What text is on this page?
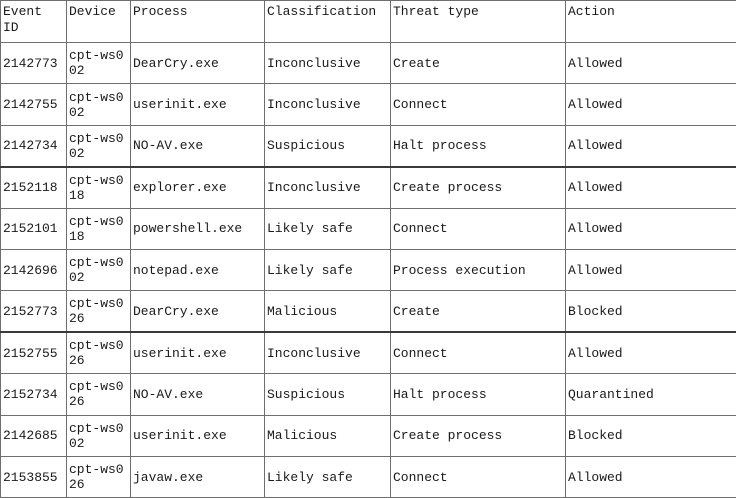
Event ID	Device	Process	Classification	Threat type	Action
2142773	cpt-ws002	DearCry.exe	Inconclusive	Create	Allowed
2142755	cpt-ws002	userinit.exe	Inconclusive	Connect	Allowed
2142734	cpt-ws002	NO-AV.exe	Suspicious	Halt process	Allowed
2152118	cpt-ws018	explorer.exe	Inconclusive	Create process	Allowed
2152101	cpt-ws018	powershell.exe	Likely safe	Connect	Allowed
2142696	cpt-ws002	notepad.exe	Likely safe	Process execution	Allowed
2152773	cpt-ws026	DearCry.exe	Malicious	Create	Blocked
2152755	cpt-ws026	userinit.exe	Inconclusive	Connect	Allowed
2152734	cpt-ws026	NO-AV.exe	Suspicious	Halt process	Quarantined
2142685	cpt-ws002	userinit.exe	Malicious	Create process	Blocked
2153855	cpt-ws026	javaw.exe	Likely safe	Connect	Allowed
